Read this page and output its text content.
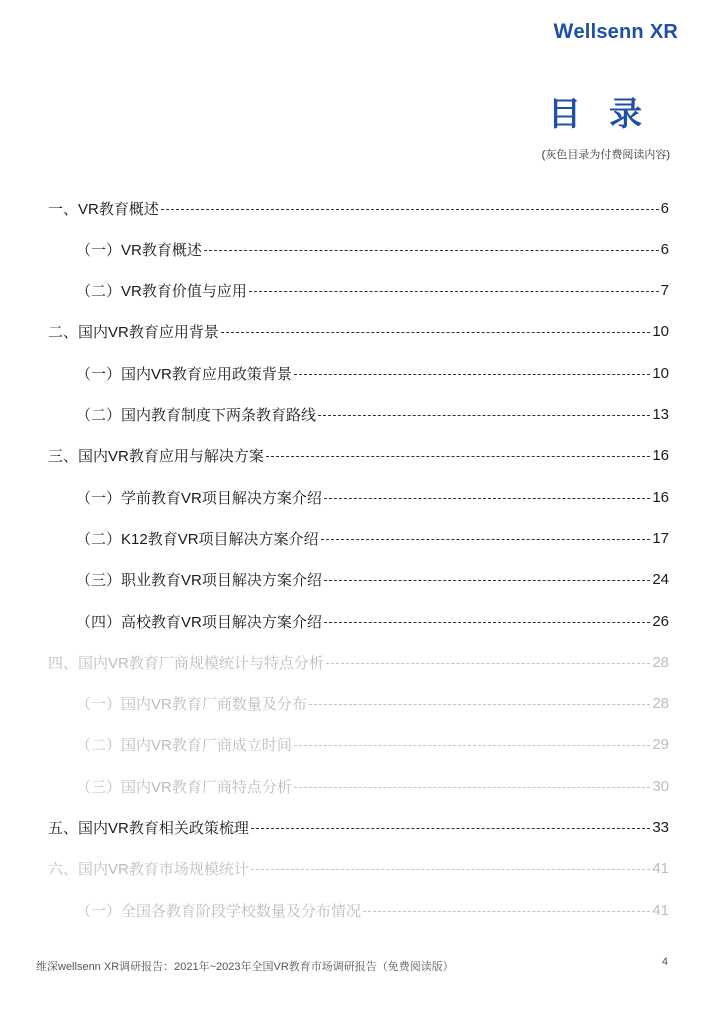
Wellsenn XR
目录
(灰色目录为付费阅读内容)
一、VR教育概述	6
（一）VR教育概述	6
（二）VR教育价值与应用	7
二、国内VR教育应用背景	10
（一）国内VR教育应用政策背景	10
（二）国内教育制度下两条教育路线	13
三、国内VR教育应用与解决方案	16
（一）学前教育VR项目解决方案介绍	16
（二）K12教育VR项目解决方案介绍	17
（三）职业教育VR项目解决方案介绍	24
（四）高校教育VR项目解决方案介绍	26
四、国内VR教育厂商规模统计与特点分析	28
（一）国内VR教育厂商数量及分布	28
（二）国内VR教育厂商成立时间	29
（三）国内VR教育厂商特点分析	30
五、国内VR教育相关政策梳理	33
六、国内VR教育市场规模统计	41
（一）全国各教育阶段学校数量及分布情况	41
维深wellsenn XR调研报告：2021年~2023年全国VR教育市场调研报告（免费阅读版）	4
